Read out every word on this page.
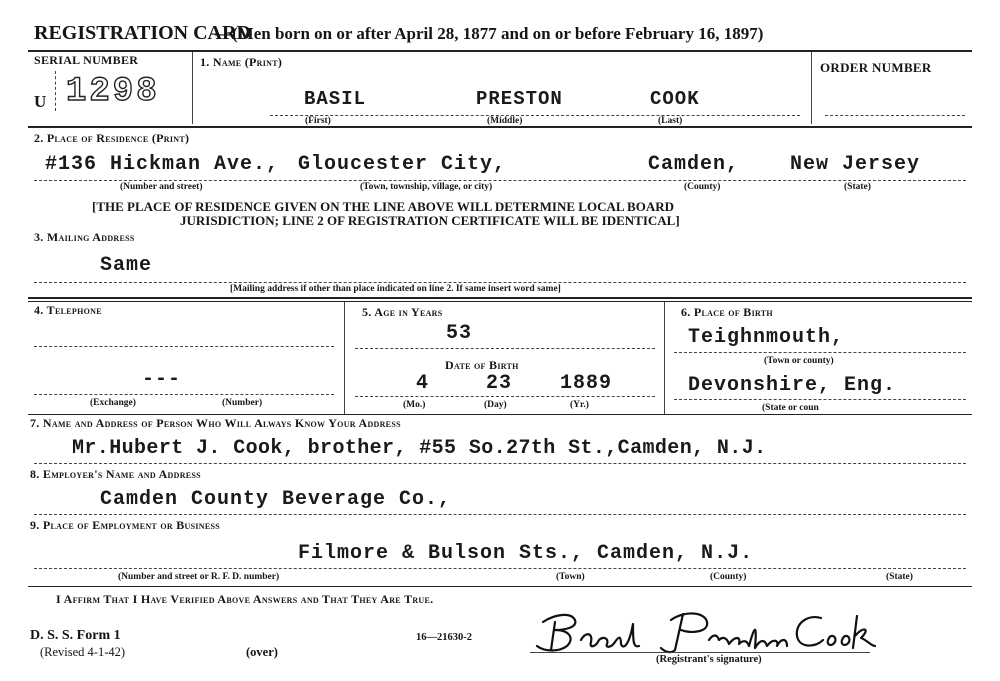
REGISTRATION CARD
—(Men born on or after April 28, 1877 and on or before February 16, 1897)
SERIAL NUMBER
U 1298
1. Name (Print)
BASIL	PRESTON	COOK
(First)	(Middle)	(Last)
ORDER NUMBER
2. Place of Residence (Print)
#136 Hickman Ave., Gloucester City,	Camden,	New Jersey
(Number and street)	(Town, township, village, or city)	(County)	(State)
[THE PLACE OF RESIDENCE GIVEN ON THE LINE ABOVE WILL DETERMINE LOCAL BOARD
JURISDICTION; LINE 2 OF REGISTRATION CERTIFICATE WILL BE IDENTICAL]
3. Mailing Address
Same
[Mailing address if other than place indicated on line 2. If same insert word same]
4. Telephone
---
(Exchange)	(Number)
5. Age in Years
53
Date of Birth
4	23 1889
(Mo.)	(Day)	(Yr.)
6. Place of Birth
Teighnmouth,
(Town or county)
Devonshire, Eng.
(State or coun
7. Name and Address of Person Who Will Always Know Your Address
Mr.Hubert J. Cook, brother, #55 So.27th St.,Camden, N.J.
8. Employer's Name and Address
Camden County Beverage Co.,
9. Place of Employment or Business
Filmore & Bulson Sts., Camden, N.J.
(Number and street or R. F. D. number)	(Town)	(County)	(State)
I Affirm That I Have Verified Above Answers and That They Are True.
D. S. S. Form 1
(Revised 4-1-42)	(over)
16—21630-2
(Registrant's signature)
